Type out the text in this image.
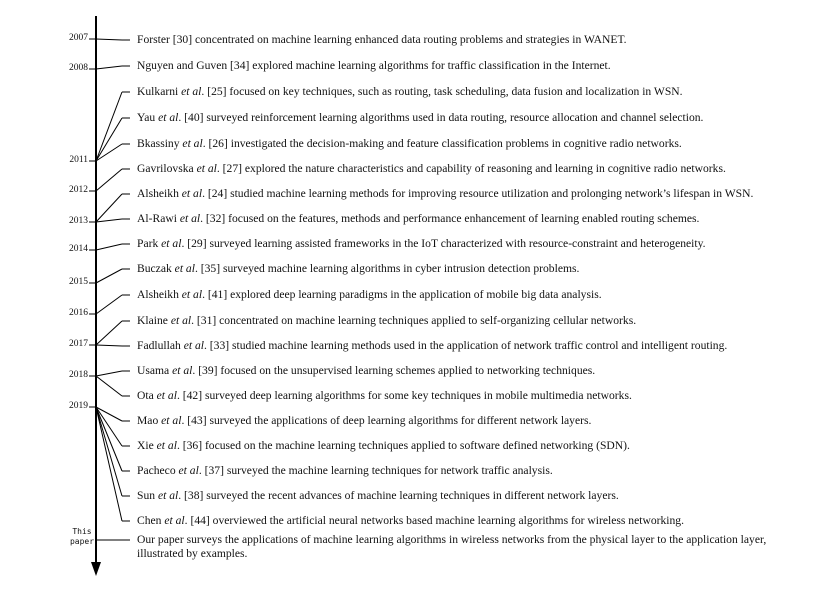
2007
2008
2011
2012
2013
2014
2015
2016
2017
2018
2019
This
paper
Forster [30] concentrated on machine learning enhanced data routing problems and strategies in WANET.
Nguyen and Guven [34] explored machine learning algorithms for traffic classification in the Internet.
Kulkarni et al. [25] focused on key techniques, such as routing, task scheduling, data fusion and localization in WSN.
Yau et al. [40] surveyed reinforcement learning algorithms used in data routing, resource allocation and channel selection.
Bkassiny et al. [26] investigated the decision-making and feature classification problems in cognitive radio networks.
Gavrilovska et al. [27] explored the nature characteristics and capability of reasoning and learning in cognitive radio networks.
Alsheikh et al. [24] studied machine learning methods for improving resource utilization and prolonging network’s lifespan in WSN.
Al-Rawi et al. [32] focused on the features, methods and performance enhancement of learning enabled routing schemes.
Park et al. [29] surveyed learning assisted frameworks in the IoT characterized with resource-constraint and heterogeneity.
Buczak et al. [35] surveyed machine learning algorithms in cyber intrusion detection problems.
Alsheikh et al. [41] explored deep learning paradigms in the application of mobile big data analysis.
Klaine et al. [31] concentrated on machine learning techniques applied to self-organizing cellular networks.
Fadlullah et al. [33] studied machine learning methods used in the application of network traffic control and intelligent routing.
Usama et al. [39] focused on the unsupervised learning schemes applied to networking techniques.
Ota et al. [42] surveyed deep learning algorithms for some key techniques in mobile multimedia networks.
Mao et al. [43] surveyed the applications of deep learning algorithms for different network layers.
Xie et al. [36] focused on the machine learning techniques applied to software defined networking (SDN).
Pacheco et al. [37] surveyed the machine learning techniques for network traffic analysis.
Sun et al. [38] surveyed the recent advances of machine learning techniques in different network layers.
Chen et al. [44] overviewed the artificial neural networks based machine learning algorithms for wireless networking.
Our paper surveys the applications of machine learning algorithms in wireless networks from the physical layer to the application layer, illustrated by examples.
